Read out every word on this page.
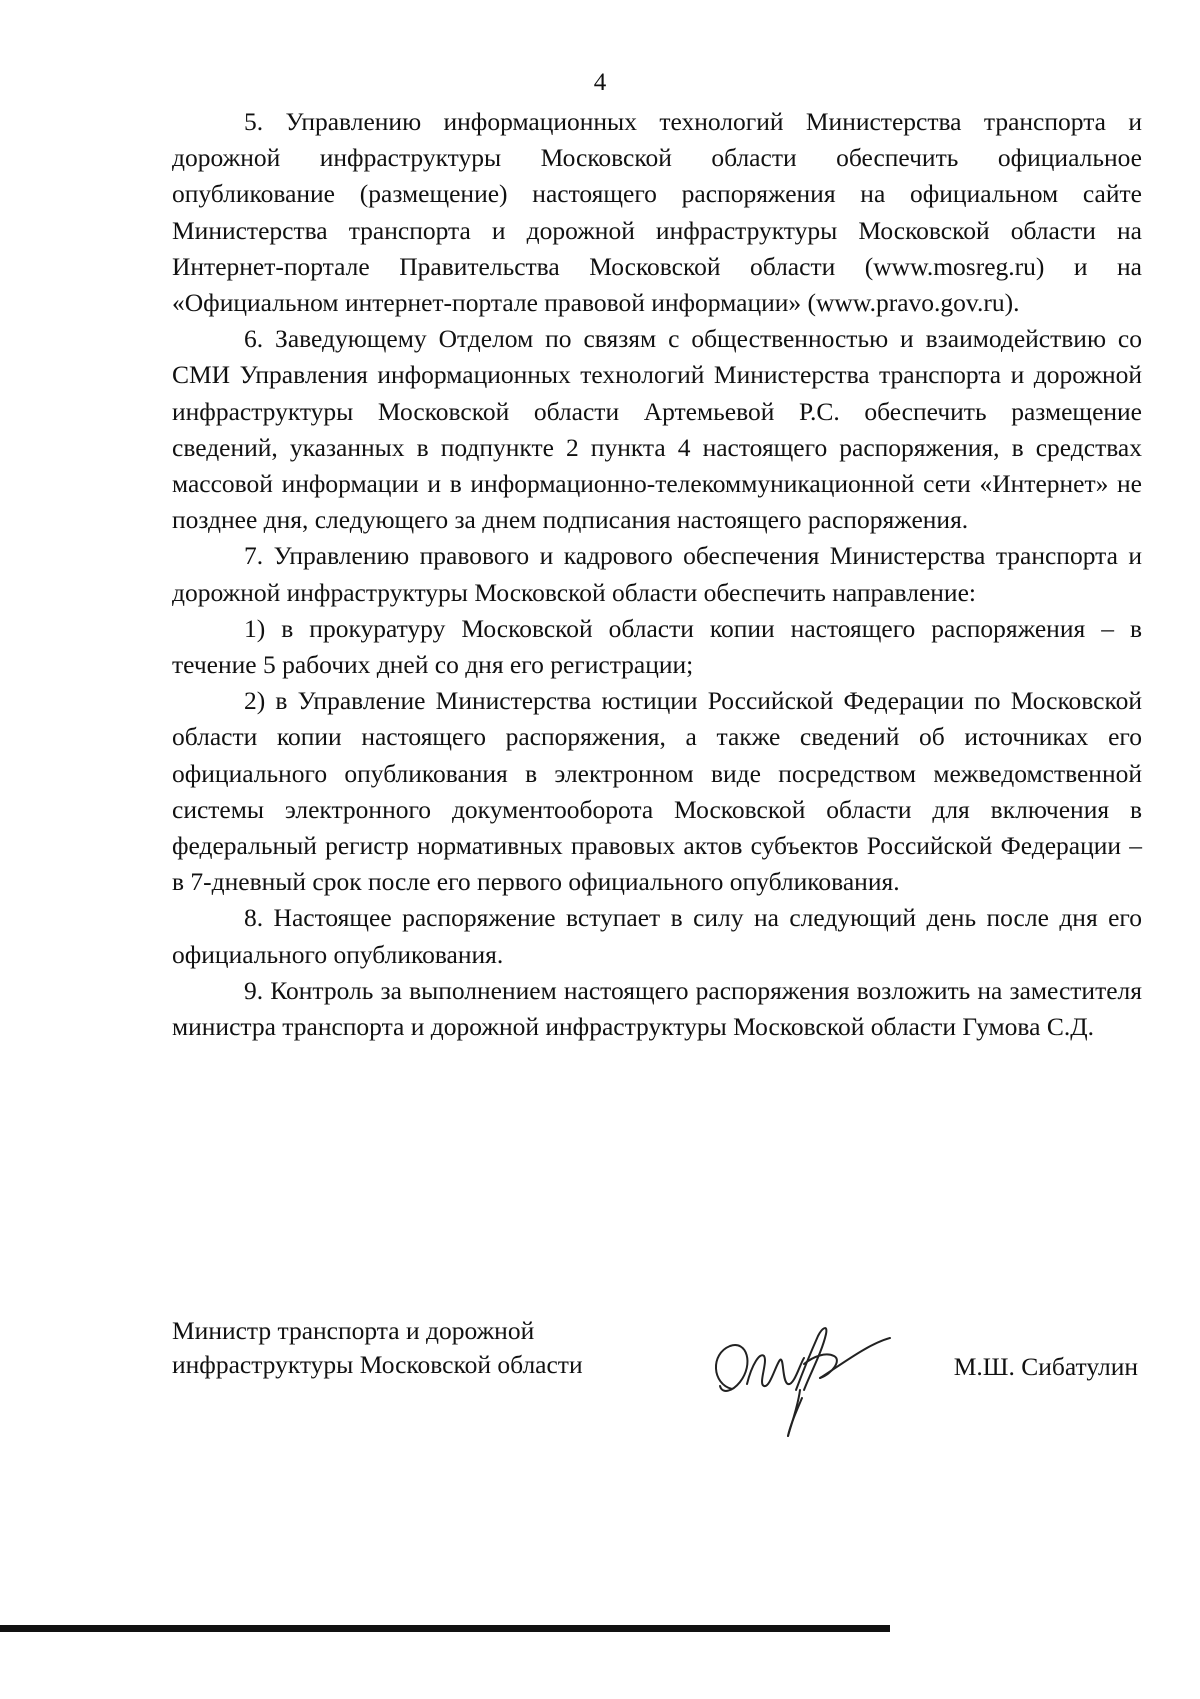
4

5. Управлению информационных технологий Министерства транспорта и дорожной инфраструктуры Московской области обеспечить официальное опубликование (размещение) настоящего распоряжения на официальном сайте Министерства транспорта и дорожной инфраструктуры Московской области на Интернет-портале Правительства Московской области (www.mosreg.ru) и на «Официальном интернет-портале правовой информации» (www.pravo.gov.ru).

6. Заведующему Отделом по связям с общественностью и взаимодействию со СМИ Управления информационных технологий Министерства транспорта и дорожной инфраструктуры Московской области Артемьевой Р.С. обеспечить размещение сведений, указанных в подпункте 2 пункта 4 настоящего распоряжения, в средствах массовой информации и в информационно-телекоммуникационной сети «Интернет» не позднее дня, следующего за днем подписания настоящего распоряжения.

7. Управлению правового и кадрового обеспечения Министерства транспорта и дорожной инфраструктуры Московской области обеспечить направление:

1) в прокуратуру Московской области копии настоящего распоряжения – в течение 5 рабочих дней со дня его регистрации;

2) в Управление Министерства юстиции Российской Федерации по Московской области копии настоящего распоряжения, а также сведений об источниках его официального опубликования в электронном виде посредством межведомственной системы электронного документооборота Московской области для включения в федеральный регистр нормативных правовых актов субъектов Российской Федерации – в 7-дневный срок после его первого официального опубликования.

8. Настоящее распоряжение вступает в силу на следующий день после дня его официального опубликования.

9. Контроль за выполнением настоящего распоряжения возложить на заместителя министра транспорта и дорожной инфраструктуры Московской области Гумова С.Д.

Министр транспорта и дорожной
инфраструктуры Московской области	М.Ш. Сибатулин
